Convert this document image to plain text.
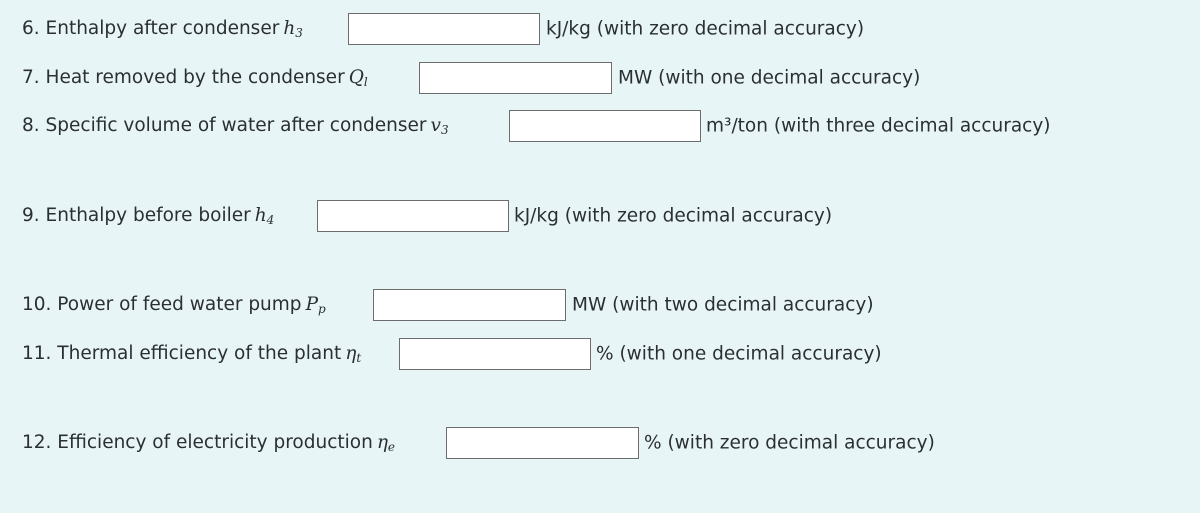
6. Enthalpy after condenser $h_3$	kJ/kg (with zero decimal accuracy)
7. Heat removed by the condenser $Q_l$	MW (with one decimal accuracy)
8. Specific volume of water after condenser $v_3$	m³/ton (with three decimal accuracy)
9. Enthalpy before boiler $h_4$	kJ/kg (with zero decimal accuracy)
10. Power of feed water pump $P_p$	MW (with two decimal accuracy)
11. Thermal efficiency of the plant $\eta_t$	% (with one decimal accuracy)
12. Efficiency of electricity production $\eta_e$	% (with zero decimal accuracy)
